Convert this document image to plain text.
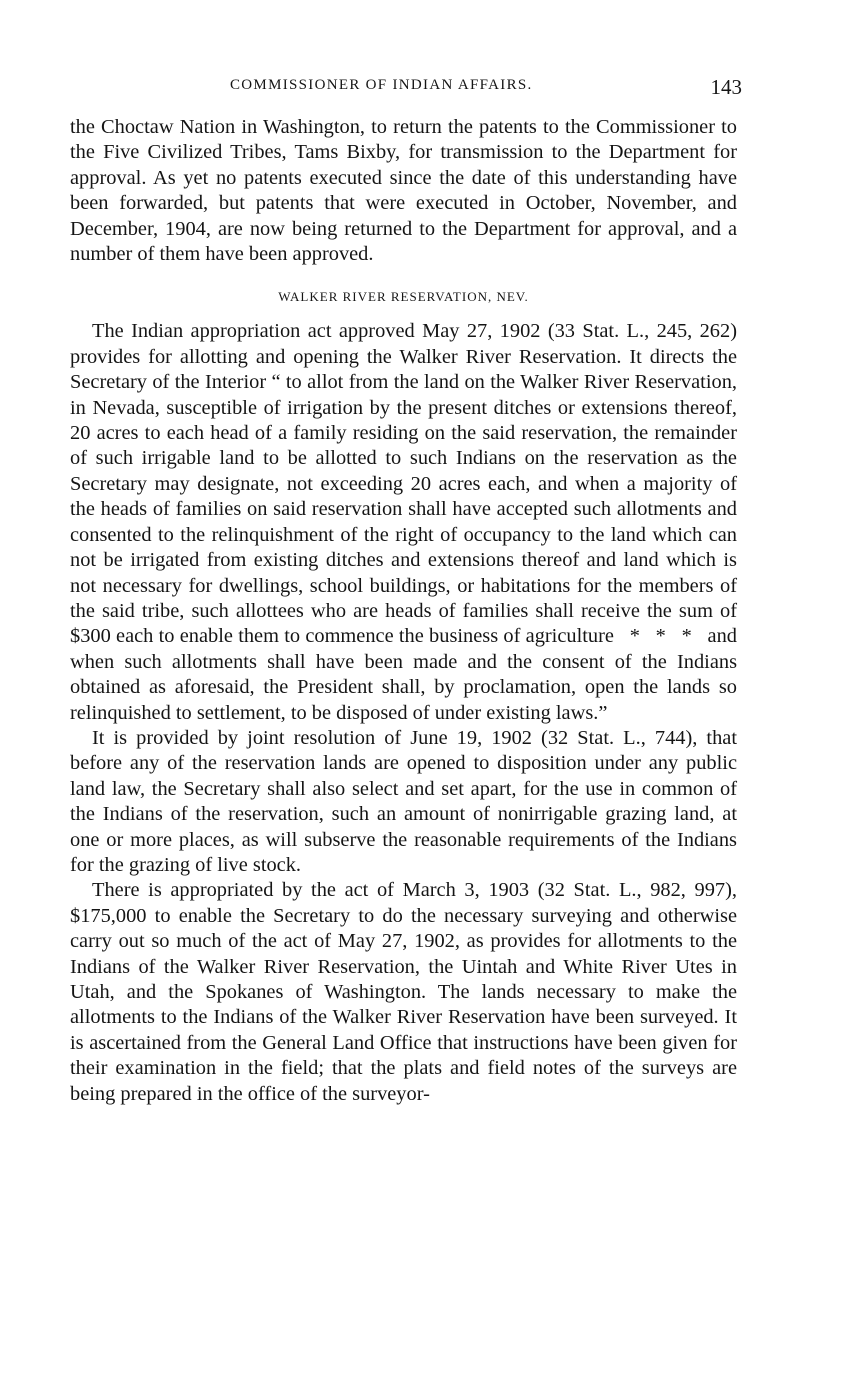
COMMISSIONER OF INDIAN AFFAIRS.	143

the Choctaw Nation in Washington, to return the patents to the Commissioner to the Five Civilized Tribes, Tams Bixby, for transmission to the Department for approval. As yet no patents executed since the date of this understanding have been forwarded, but patents that were executed in October, November, and December, 1904, are now being returned to the Department for approval, and a number of them have been approved.

WALKER RIVER RESERVATION, NEV.

The Indian appropriation act approved May 27, 1902 (33 Stat. L., 245, 262) provides for allotting and opening the Walker River Reservation. It directs the Secretary of the Interior “ to allot from the land on the Walker River Reservation, in Nevada, susceptible of irrigation by the present ditches or extensions thereof, 20 acres to each head of a family residing on the said reservation, the remainder of such irrigable land to be allotted to such Indians on the reservation as the Secretary may designate, not exceeding 20 acres each, and when a majority of the heads of families on said reservation shall have accepted such allotments and consented to the relinquishment of the right of occupancy to the land which can not be irrigated from existing ditches and extensions thereof and land which is not necessary for dwellings, school buildings, or habitations for the members of the said tribe, such allottees who are heads of families shall receive the sum of $300 each to enable them to commence the business of agriculture   *   *   *   and when such allotments shall have been made and the consent of the Indians obtained as aforesaid, the President shall, by proclamation, open the lands so relinquished to settlement, to be disposed of under existing laws.”

It is provided by joint resolution of June 19, 1902 (32 Stat. L., 744), that before any of the reservation lands are opened to disposition under any public land law, the Secretary shall also select and set apart, for the use in common of the Indians of the reservation, such an amount of nonirrigable grazing land, at one or more places, as will subserve the reasonable requirements of the Indians for the grazing of live stock.

There is appropriated by the act of March 3, 1903 (32 Stat. L., 982, 997), $175,000 to enable the Secretary to do the necessary surveying and otherwise carry out so much of the act of May 27, 1902, as provides for allotments to the Indians of the Walker River Reservation, the Uintah and White River Utes in Utah, and the Spokanes of Washington. The lands necessary to make the allotments to the Indians of the Walker River Reservation have been surveyed. It is ascertained from the General Land Office that instructions have been given for their examination in the field; that the plats and field notes of the surveys are being prepared in the office of the surveyor-
